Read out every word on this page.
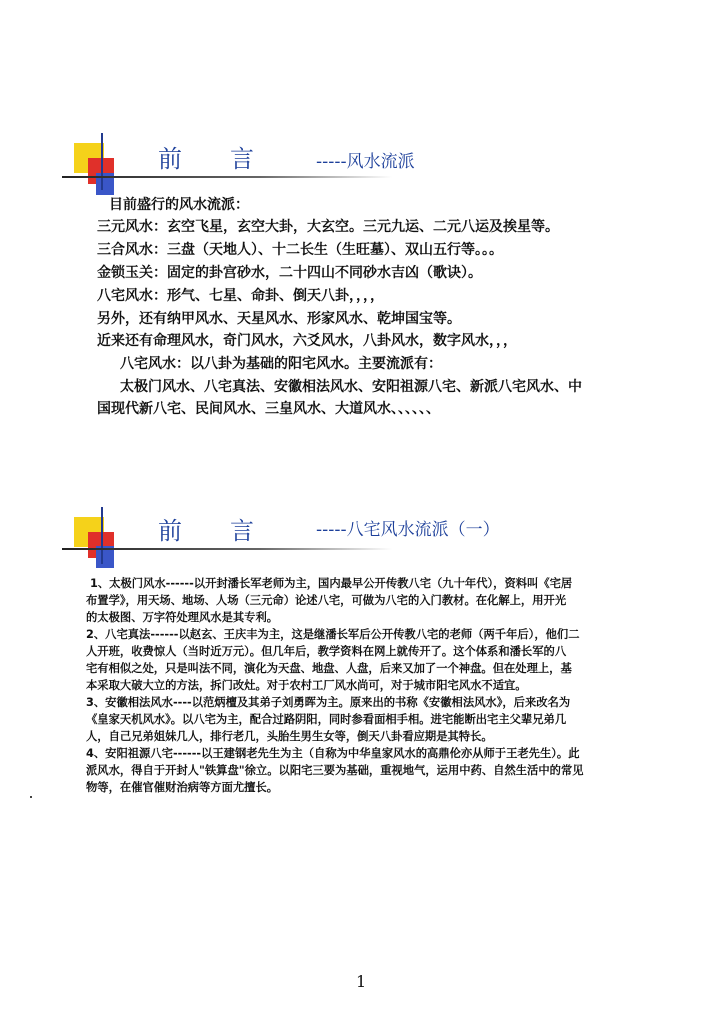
前　　言	-----风水流派
目前盛行的风水流派：
三元风水：玄空飞星，玄空大卦，大玄空。三元九运、二元八运及挨星等。
三合风水：三盘（天地人）、十二长生（生旺墓）、双山五行等。。。
金锁玉关：固定的卦宫砂水，二十四山不同砂水吉凶（歌诀）。
八宅风水：形气、七星、命卦、倒天八卦，，，，
另外，还有纳甲风水、天星风水、形家风水、乾坤国宝等。
近来还有命理风水，奇门风水，六爻风水，八卦风水，数字风水，，，
八宅风水：以八卦为基础的阳宅风水。主要流派有：
太极门风水、八宅真法、安徽相法风水、安阳祖源八宅、新派八宅风水、中
国现代新八宅、民间风水、三皇风水、大道风水、、、、、、
前　　言	-----八宅风水流派（一）
1、太极门风水------以开封潘长军老师为主，国内最早公开传教八宅（九十年代），资料叫《宅居
布置学》，用天场、地场、人场（三元命）论述八宅，可做为八宅的入门教材。在化解上，用开光
的太极图、万字符处理风水是其专利。
2、八宅真法------以赵玄、王庆丰为主，这是继潘长军后公开传教八宅的老师（两千年后），他们二
人开班，收费惊人（当时近万元）。但几年后，教学资料在网上就传开了。这个体系和潘长军的八
宅有相似之处，只是叫法不同，演化为天盘、地盘、人盘，后来又加了一个神盘。但在处理上，基
本采取大破大立的方法，拆门改灶。对于农村工厂风水尚可，对于城市阳宅风水不适宜。
3、安徽相法风水----以范炳檀及其弟子刘勇晖为主。原来出的书称《安徽相法风水》，后来改名为
《皇家天机风水》。以八宅为主，配合过路阴阳，同时参看面相手相。进宅能断出宅主父辈兄弟几
人，自己兄弟姐妹几人，排行老几，头胎生男生女等，倒天八卦看应期是其特长。
4、安阳祖源八宅------以王建钢老先生为主（自称为中华皇家风水的高鼎伦亦从师于王老先生）。此
派风水，得自于开封人"铁算盘"徐立。以阳宅三要为基础，重视地气，运用中药、自然生活中的常见
物等，在催官催财治病等方面尤擅长。
1
